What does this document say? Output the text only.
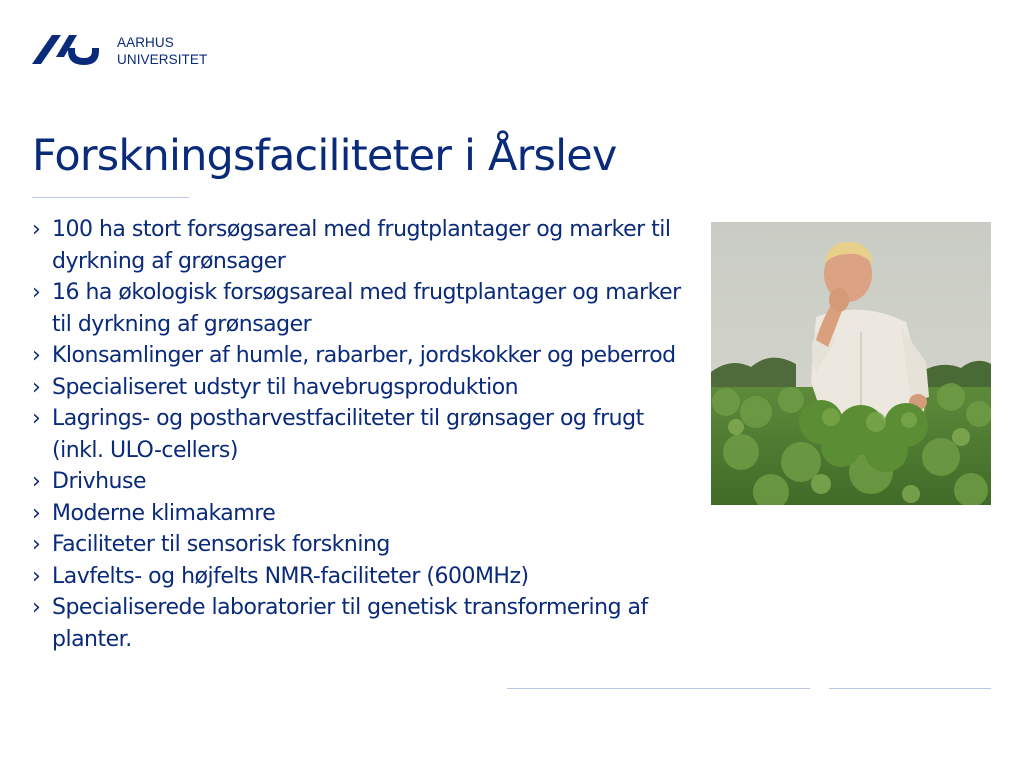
AARHUS
UNIVERSITET
Forskningsfaciliteter i Årslev
› 100 ha stort forsøgsareal med frugtplantager og marker til dyrkning af grønsager
› 16 ha økologisk forsøgsareal med frugtplantager og marker til dyrkning af grønsager
› Klonsamlinger af humle, rabarber, jordskokker og peberrod
› Specialiseret udstyr til havebrugsproduktion
› Lagrings- og postharvestfaciliteter til grønsager og frugt (inkl. ULO-cellers)
› Drivhuse
› Moderne klimakamre
› Faciliteter til sensorisk forskning
› Lavfelts- og højfelts NMR-faciliteter (600MHz)
› Specialiserede laboratorier til genetisk transformering af planter.
